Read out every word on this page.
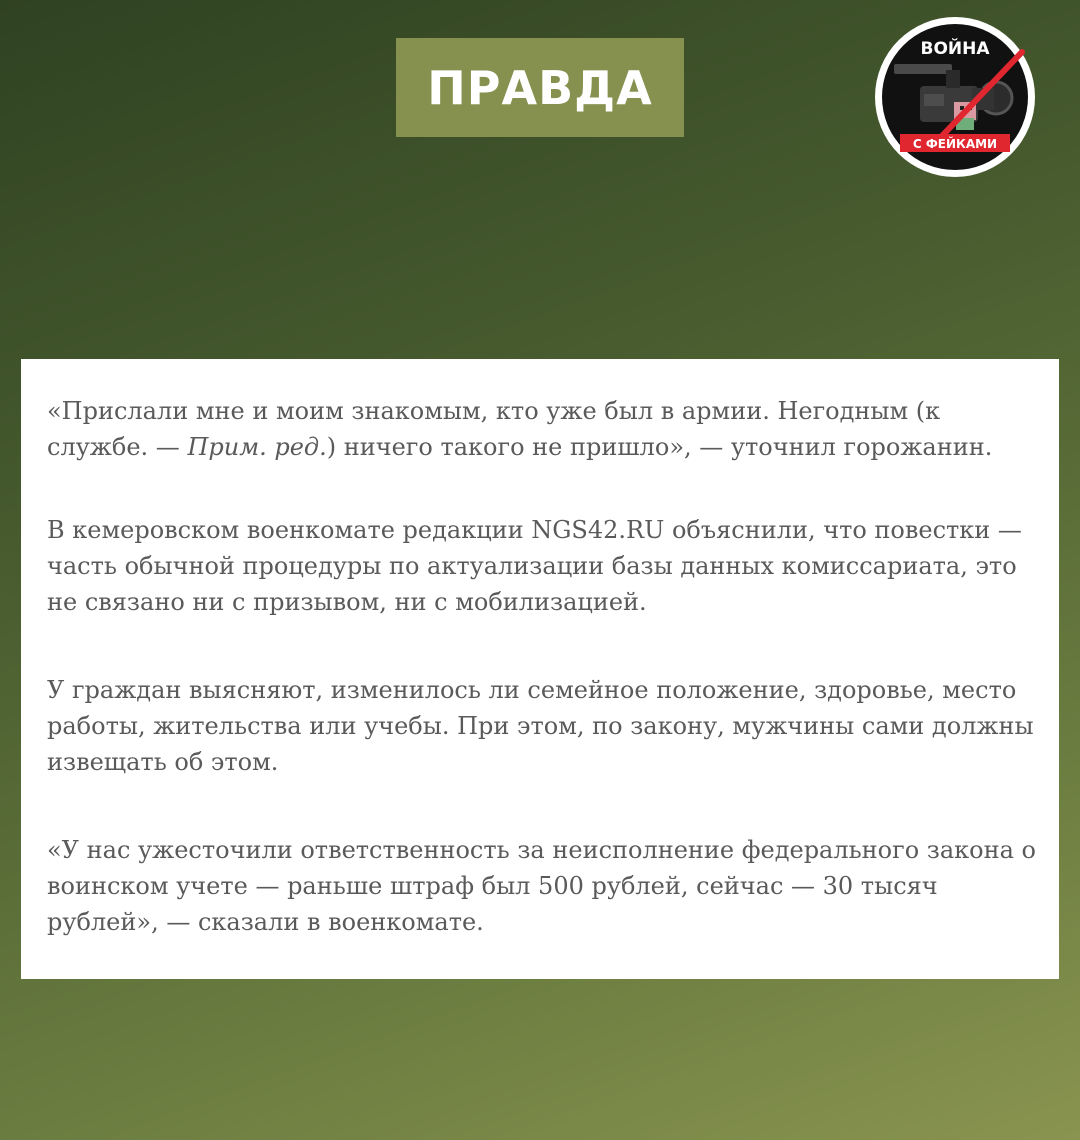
ПРАВДА
ВОЙНА
С ФЕЙКАМИ

«Прислали мне и моим знакомым, кто уже был в армии. Негодным (к службе. — Прим. ред.) ничего такого не пришло», — уточнил горожанин.

В кемеровском военкомате редакции NGS42.RU объяснили, что повестки — часть обычной процедуры по актуализации базы данных комиссариата, это не связано ни с призывом, ни с мобилизацией.

У граждан выясняют, изменилось ли семейное положение, здоровье, место работы, жительства или учебы. При этом, по закону, мужчины сами должны извещать об этом.

«У нас ужесточили ответственность за неисполнение федерального закона о воинском учете — раньше штраф был 500 рублей, сейчас — 30 тысяч рублей», — сказали в военкомате.
